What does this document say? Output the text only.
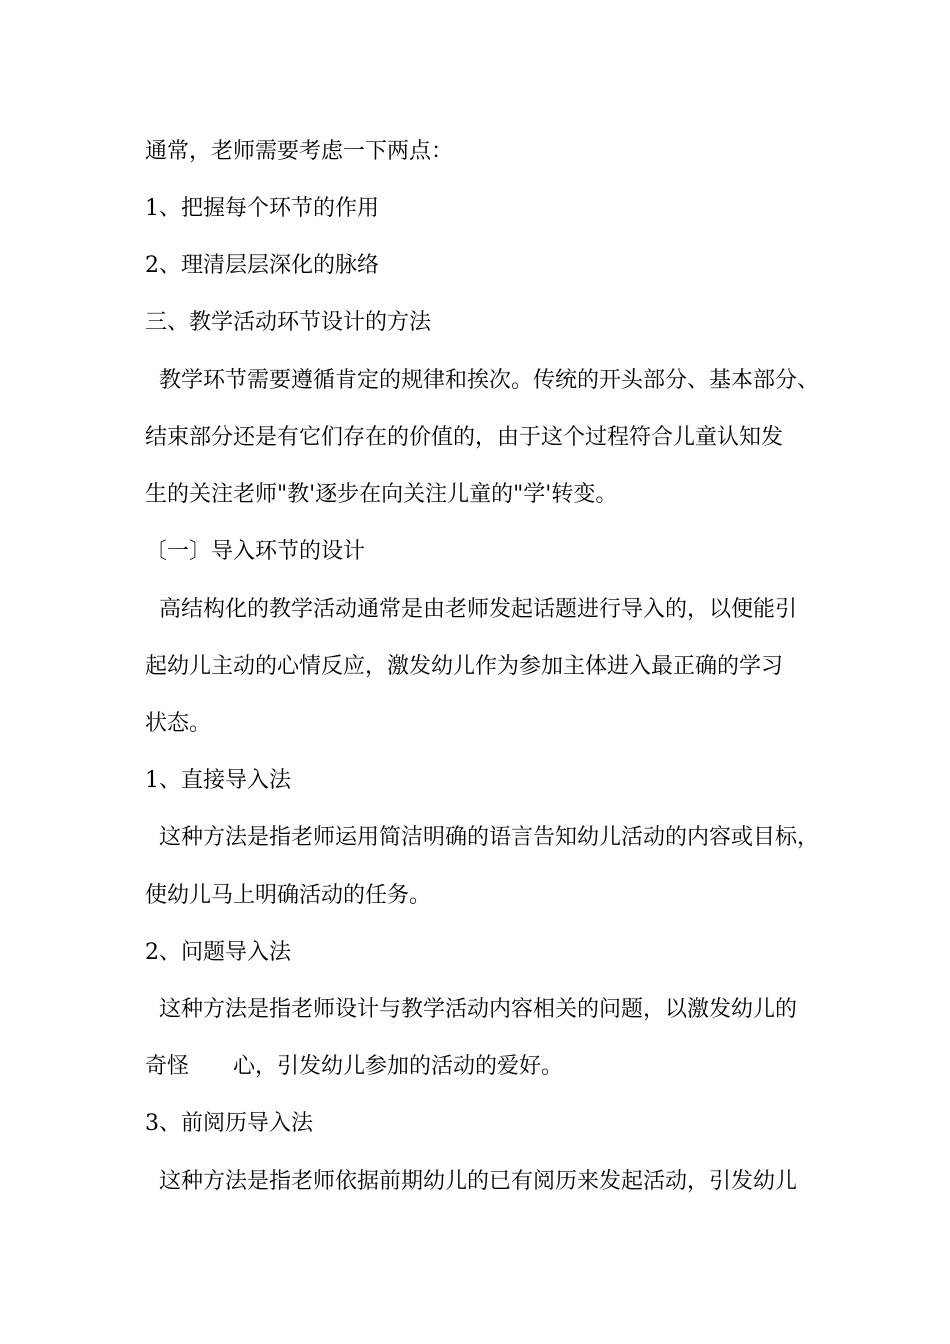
通常，老师需要考虑一下两点：

1、把握每个环节的作用

2、理清层层深化的脉络

三、教学活动环节设计的方法

教学环节需要遵循肯定的规律和挨次。传统的开头部分、基本部分、

结束部分还是有它们存在的价值的，由于这个过程符合儿童认知发

生的关注老师"教'逐步在向关注儿童的"学'转变。

〔一〕导入环节的设计

高结构化的教学活动通常是由老师发起话题进行导入的，以便能引

起幼儿主动的心情反应，激发幼儿作为参加主体进入最正确的学习

状态。

1、直接导入法

这种方法是指老师运用简洁明确的语言告知幼儿活动的内容或目标，

使幼儿马上明确活动的任务。

2、问题导入法

这种方法是指老师设计与教学活动内容相关的问题，以激发幼儿的

奇怪　　心，引发幼儿参加的活动的爱好。

3、前阅历导入法

这种方法是指老师依据前期幼儿的已有阅历来发起活动，引发幼儿
